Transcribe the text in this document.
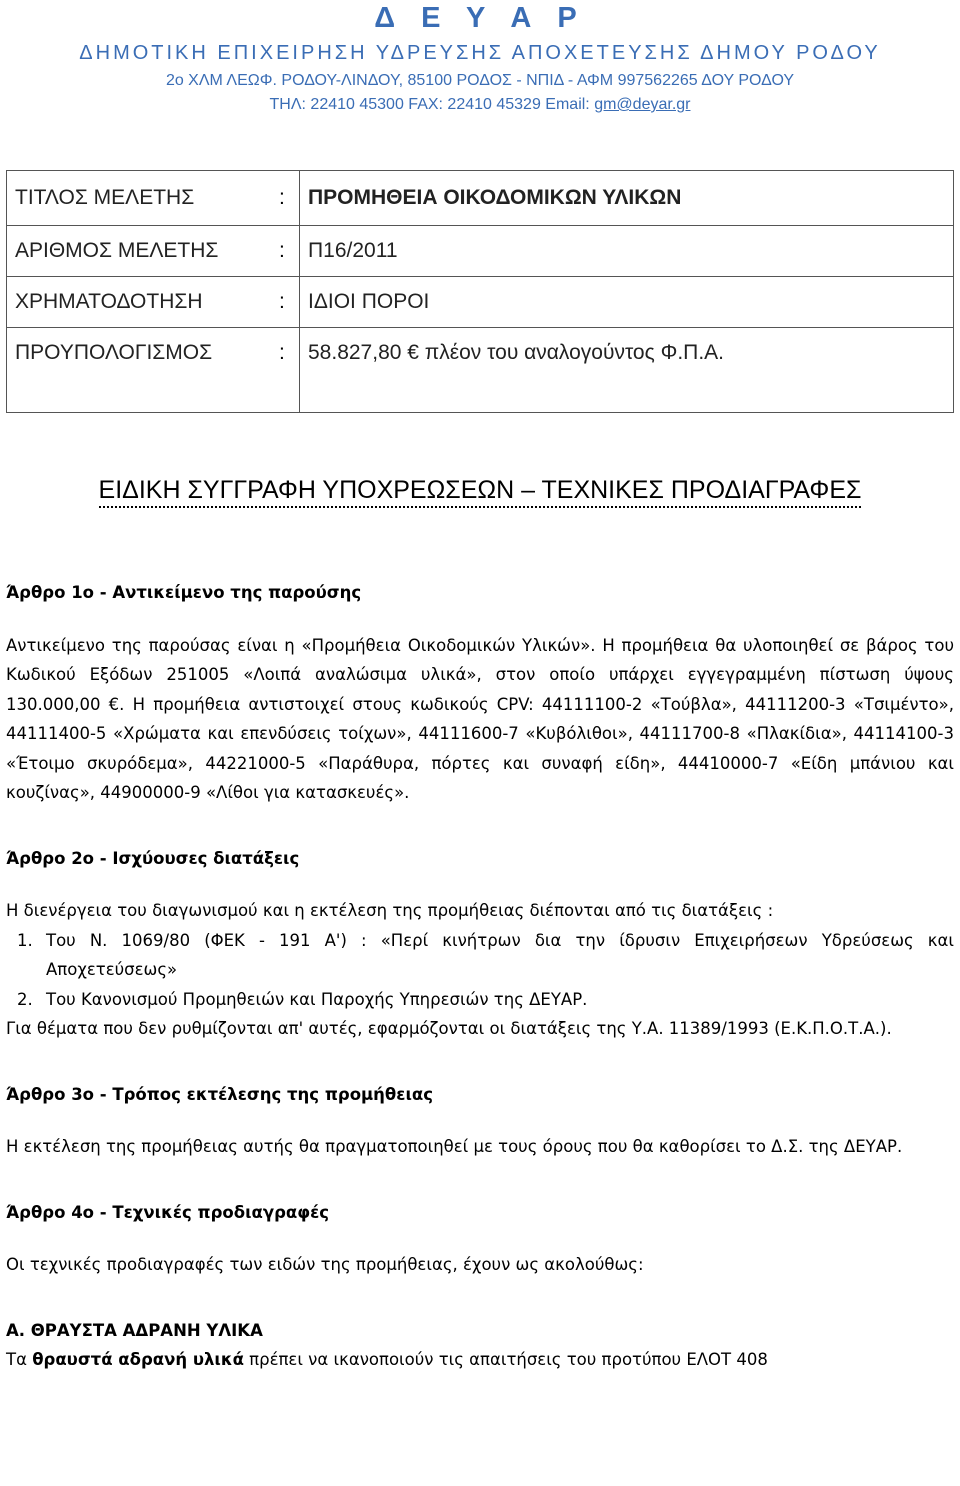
Δ Ε Υ Α Ρ
ΔΗΜΟΤΙΚΗ ΕΠΙΧΕΙΡΗΣΗ ΥΔΡΕΥΣΗΣ ΑΠΟΧΕΤΕΥΣΗΣ ΔΗΜΟΥ ΡΟΔΟΥ
2ο ΧΛΜ ΛΕΩΦ. ΡΟΔΟΥ-ΛΙΝΔΟΥ, 85100 ΡΟΔΟΣ - ΝΠΙΔ - ΑΦΜ 997562265 ΔΟΥ ΡΟΔΟΥ
ΤΗΛ: 22410 45300 FAX: 22410 45329 Email: gm@deyar.gr
ΤΙΤΛΟΣ ΜΕΛΕΤΗΣ	:	ΠΡΟΜΗΘΕΙΑ ΟΙΚΟΔΟΜΙΚΩΝ ΥΛΙΚΩΝ
ΑΡΙΘΜΟΣ ΜΕΛΕΤΗΣ	:	Π16/2011
ΧΡΗΜΑΤΟΔΟΤΗΣΗ	:	ΙΔΙΟΙ ΠΟΡΟΙ
ΠΡΟΥΠΟΛΟΓΙΣΜΟΣ	:	58.827,80 € πλέον του αναλογούντος Φ.Π.Α.
ΕΙΔΙΚΗ ΣΥΓΓΡΑΦΗ ΥΠΟΧΡΕΩΣΕΩΝ – ΤΕΧΝΙΚΕΣ ΠΡΟΔΙΑΓΡΑΦΕΣ

Άρθρο 1ο - Αντικείμενο της παρούσης

Αντικείμενο της παρούσας είναι η «Προμήθεια Οικοδομικών Υλικών». Η προμήθεια θα υλοποιηθεί σε βάρος του Κωδικού Εξόδων 251005 «Λοιπά αναλώσιμα υλικά», στον οποίο υπάρχει εγγεγραμμένη πίστωση ύψους 130.000,00 €. Η προμήθεια αντιστοιχεί στους κωδικούς CPV: 44111100-2 «Τούβλα», 44111200-3 «Τσιμέντο», 44111400-5 «Χρώματα και επενδύσεις τοίχων», 44111600-7 «Κυβόλιθοι», 44111700-8 «Πλακίδια», 44114100-3 «Έτοιμο σκυρόδεμα», 44221000-5 «Παράθυρα, πόρτες και συναφή είδη», 44410000-7 «Είδη μπάνιου και κουζίνας», 44900000-9 «Λίθοι για κατασκευές».

Άρθρο 2ο - Ισχύουσες διατάξεις

Η διενέργεια του διαγωνισμού και η εκτέλεση της προμήθειας διέπονται από τις διατάξεις :

1. Του Ν. 1069/80 (ΦΕΚ - 191 Α') : «Περί κινήτρων δια την ίδρυσιν Επιχειρήσεων Υδρεύσεως και Αποχετεύσεως»
2. Του Κανονισμού Προμηθειών και Παροχής Υπηρεσιών της ΔΕΥΑΡ.

Για θέματα που δεν ρυθμίζονται απ' αυτές, εφαρμόζονται οι διατάξεις της Υ.Α. 11389/1993 (Ε.Κ.Π.Ο.Τ.Α.).

Άρθρο 3ο - Τρόπος εκτέλεσης της προμήθειας

Η εκτέλεση της προμήθειας αυτής θα πραγματοποιηθεί με τους όρους που θα καθορίσει το Δ.Σ. της ΔΕΥΑΡ.

Άρθρο 4ο - Τεχνικές προδιαγραφές

Οι τεχνικές προδιαγραφές των ειδών της προμήθειας, έχουν ως ακολούθως:

Α. ΘΡΑΥΣΤΑ ΑΔΡΑΝΗ ΥΛΙΚΑ

Τα θραυστά αδρανή υλικά πρέπει να ικανοποιούν τις απαιτήσεις του προτύπου ΕΛΟΤ 408
